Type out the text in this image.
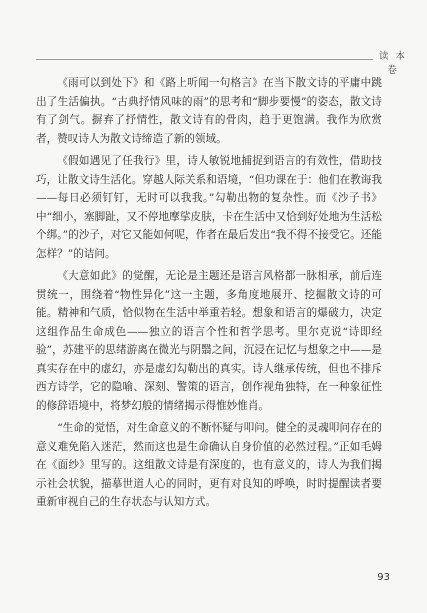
读 本 卷

《雨可以到处下》和《路上听闻一句格言》在当下散文诗的平庸中跳出了生活偏执。“古典抒情风味的雨”的思考和“脚步要慢”的姿态，散文诗有了剑气。摒弃了抒情性，散文诗有的骨肉，趋于更饱满。我作为欣赏者，赞叹诗人为散文诗缔造了新的领域。

《假如遇见了任我行》里，诗人敏锐地捕捉到语言的有效性，借助技巧，让散文诗生活化。穿越人际关系和语境，“但功课在于：他们在教诲我——每日必须钉钉，无时可以我我。”勾勒出物的复杂性。而《沙子书》中“细小，塞脚趾，又不停地摩挲皮肤，卡在生活中又恰到好处地为生活松个绑。”的沙子，对它又能如何呢，作者在最后发出“我不得不接受它。还能怎样？”的诘问。

《大意如此》的觉醒，无论是主题还是语言风格都一脉相承，前后连贯统一，围绕着“物性异化”这一主题，多角度地展开、挖掘散文诗的可能。精神和气质，恰似物在生活中举重若轻。想象和语言的爆破力，决定这组作品生命成色——独立的语言个性和哲学思考。里尔克说“诗即经验”，苏建平的思绪游离在微光与阴翳之间，沉浸在记忆与想象之中——是真实存在中的虚幻，亦是虚幻勾勒出的真实。诗人继承传统，但也不排斥西方诗学，它的隐喻、深刻、警策的语言，创作视角独特，在一种象征性的修辞语境中，将梦幻般的情绪揭示得惟妙惟肖。

“生命的觉悟，对生命意义的不断怀疑与叩问。健全的灵魂叩问存在的意义难免陷入迷茫，然而这也是生命确认自身价值的必然过程。”正如毛姆在《面纱》里写的。这组散文诗是有深度的，也有意义的，诗人为我们揭示社会状貌，描摹世道人心的同时，更有对良知的呼唤，时时提醒读者要重新审视自己的生存状态与认知方式。

93
